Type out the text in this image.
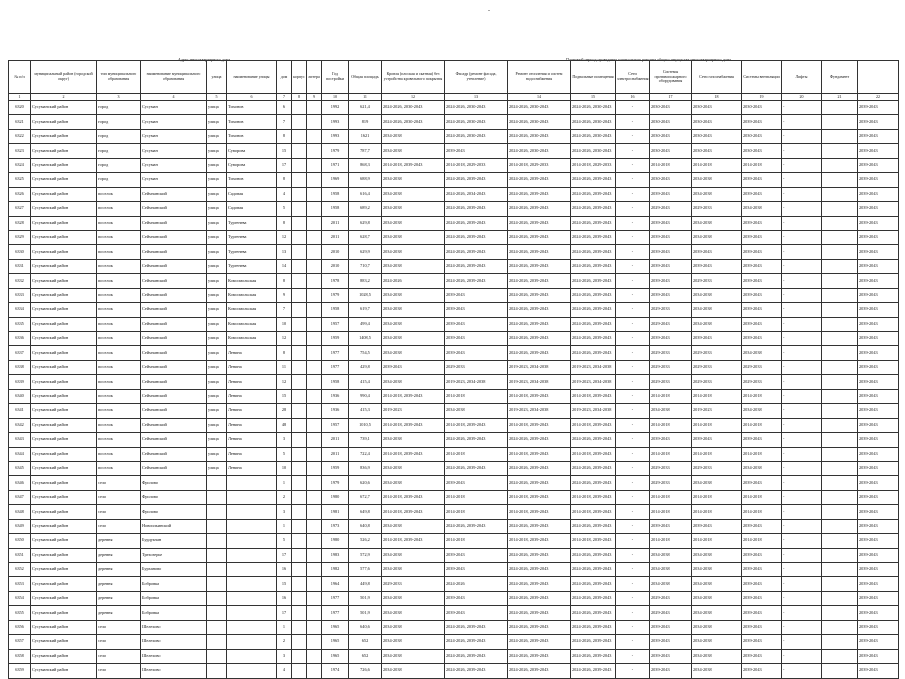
-
Адрес многоквартирного дома	Плановый период проведения капитального ремонта общего имущества многоквартирного дома
№ п/п	муниципальный район (городской округ)	тип муниципального образования	наименование муниципального образования	улица	наименование улицы	дом	корпус	литера	Год постройки	Общая площадь	Кровля (плоская и скатная) без устройства кровельного покрытия	Фасадр (ремонт фасада, утепление)	Ремонт отопления и систем водоснабжения	Подвальные помещения	Сети электроснабжения	Системы противопожарного оборудования	Сети газоснабжения	Системы вентиляции	Лифты	Фундамент	
1	2	3	4	5	6	7	8	9	10	11	12	13	14	15	16	17	18	19	20	21	22
6320	Сусуманский район	город	Сусуман	улица	Тихонов	6			1992	621,4	2024-2026, 2030-2043	2024-2026, 2030-2043	2024-2026, 2030-2043	2024-2026, 2030-2043	-	2030-2043	2030-2043	2030-2043	-		2039-2043
6321	Сусуманский район	город	Сусуман	улица	Тихонов	7			1993	819	2024-2026, 2030-2043	2024-2026, 2030-2043	2024-2026, 2030-2043	2024-2026, 2030-2043	-	2030-2043	2030-2043	2039-2043	-		2039-2043
6322	Сусуманский район	город	Сусуман	улица	Тихонов	8			1993	1621	2034-2038	2024-2026, 2030-2043	2024-2026, 2030-2043	2024-2026, 2030-2043	-	2030-2043	2030-2043	2030-2043	-		2039-2043
6323	Сусуманский район	город	Сусуман	улица	Суворова	15			1979	787,7	2034-2038	2039-2043	2024-2026, 2030-2043	2024-2026, 2030-2043	-	2030-2043	2030-2043	2030-2043	-		2039-2043
6324	Сусуманский район	город	Сусуман	улица	Суворова	17			1971	868,3	2014-2018, 2039-2043	2014-2018, 2029-2033	2014-2018, 2029-2033	2014-2018, 2029-2033	-	2014-2018	2014-2018	2014-2018	-		2039-2043
6325	Сусуманский район	город	Сусуман	улица	Тихонов	8			1969	688,9	2034-2038	2024-2026, 2039-2043	2024-2026, 2039-2043	2024-2026, 2039-2043	-	2030-2043	2034-2038	2039-2043	-		2039-2043
6326	Сусуманский район	поселок	Сеймчанский	улица	Садовая	4			1958	616,4	2034-2038	2024-2026, 2034-2043	2024-2026, 2039-2043	2024-2026, 2039-2043	-	2039-2043	2034-2038	2039-2043	-		2039-2043
6327	Сусуманский район	поселок	Сеймчанский	улица	Садовая	5			1958	689,2	2034-2038	2024-2026, 2039-2043	2024-2026, 2039-2043	2024-2026, 2039-2043	-	2029-2043	2029-2033	2034-2038	-		2039-2043
6328	Сусуманский район	поселок	Сеймчанский	улица	Тургенева	8			2011	629,8	2034-2038	2024-2026, 2039-2043	2024-2026, 2039-2043	2024-2026, 2039-2043	-	2039-2043	2034-2038	2039-2043	-		2039-2043
6329	Сусуманский район	поселок	Сеймчанский	улица	Тургенева	12			2011	628,7	2034-2038	2024-2026, 2039-2043	2024-2026, 2039-2043	2024-2026, 2039-2043	-	2039-2043	2034-2038	2039-2043	-		2039-2043
6330	Сусуманский район	поселок	Сеймчанский	улица	Тургенева	13			2010	629,9	2034-2038	2024-2026, 2039-2043	2024-2026, 2039-2043	2024-2026, 2039-2043	-	2039-2043	2039-2043	2039-2043	-		2039-2043
6331	Сусуманский район	поселок	Сеймчанский	улица	Тургенева	14			2010	710,7	2034-2038	2024-2026, 2039-2043	2024-2026, 2039-2043	2024-2026, 2039-2043	-	2039-2043	2039-2043	2039-2043	-		2039-2043
6332	Сусуманский район	поселок	Сеймчанский	улица	Комсомольская	8			1978	883,2	2024-2026	2024-2026, 2039-2043	2024-2026, 2039-2043	2024-2026, 2039-2043	-	2039-2043	2029-2033	2039-2043	-		2039-2043
6333	Сусуманский район	поселок	Сеймчанский	улица	Комсомольская	9			1979	1028,5	2034-2038	2039-2043	2024-2026, 2039-2043	2024-2026, 2039-2043	-	2039-2043	2034-2038	2039-2043	-		2039-2043
6334	Сусуманский район	поселок	Сеймчанский	улица	Комсомольская	7			1958	619,7	2034-2038	2039-2043	2024-2026, 2039-2043	2024-2026, 2039-2043	-	2029-2033	2034-2038	2039-2043	-		2039-2043
6335	Сусуманский район	поселок	Сеймчанский	улица	Комсомольская	10			1957	499,4	2034-2038	2039-2043	2024-2026, 2039-2043	2024-2026, 2039-2043	-	2029-2043	2034-2038	2039-2043	-		2039-2043
6336	Сусуманский район	поселок	Сеймчанский	улица	Комсомольская	12			1959	1408,5	2034-2038	2039-2043	2024-2026, 2039-2043	2024-2026, 2039-2043	-	2039-2043	2039-2043	2039-2043	-		2039-2043
6337	Сусуманский район	поселок	Сеймчанский	улица	Ленина	8			1977	754,5	2034-2038	2039-2043	2024-2026, 2039-2043	2024-2026, 2039-2043	-	2029-2033	2029-2033	2034-2038	-		2039-2043
6338	Сусуманский район	поселок	Сеймчанский	улица	Ленина	11			1977	429,8	2039-2043	2029-2033	2019-2023, 2034-2038	2019-2023, 2034-2038	-	2029-2033	2029-2033	2029-2033	-		2039-2043
6339	Сусуманский район	поселок	Сеймчанский	улица	Ленина	12			1958	415,4	2034-2038	2019-2023, 2034-2038	2019-2023, 2034-2038	2019-2023, 2034-2038	-	2029-2033	2029-2033	2029-2033	-		2039-2043
6340	Сусуманский район	поселок	Сеймчанский	улица	Ленина	15			1936	990,4	2014-2018, 2039-2043	2014-2018	2014-2018, 2039-2043	2014-2018, 2039-2043	-	2014-2018	2014-2018	2014-2018	-		2039-2043
6341	Сусуманский район	поселок	Сеймчанский	улица	Ленина	28			1936	415,3	2019-2023	2034-2038	2019-2023, 2034-2038	2019-2023, 2034-2038	-	2034-2038	2019-2023	2034-2038	-		2039-2043
6342	Сусуманский район	поселок	Сеймчанский	улица	Ленина	48			1957	1010,5	2014-2018, 2039-2043	2014-2018, 2039-2043	2014-2018, 2039-2043	2014-2018, 2039-2043	-	2014-2018	2014-2018	2014-2018	-		2039-2043
6343	Сусуманский район	поселок	Сеймчанский	улица	Ленина	3			2011	739,1	2034-2038	2024-2026, 2039-2043	2024-2026, 2039-2043	2024-2026, 2039-2043	-	2039-2043	2039-2043	2039-2043	-		2039-2043
6344	Сусуманский район	поселок	Сеймчанский	улица	Ленина	5			2011	722,4	2014-2018, 2039-2043	2014-2018	2014-2018, 2039-2043	2014-2018, 2039-2043	-	2014-2018	2014-2018	2014-2018	-		2039-2043
6345	Сусуманский район	поселок	Сеймчанский	улица	Ленина	10			1959	836,9	2034-2038	2024-2026, 2039-2043	2024-2026, 2039-2043	2024-2026, 2039-2043	-	2029-2033	2029-2033	2034-2038	-		2039-2043
6346	Сусуманский район	село	Фролово			1			1979	620,6	2034-2038	2039-2043	2024-2026, 2039-2043	2024-2026, 2039-2043	-	2029-2033	2034-2038	2039-2043	-		2039-2043
6347	Сусуманский район	село	Фролово			2			1980	672,7	2014-2018, 2039-2043	2014-2018	2014-2018, 2039-2043	2014-2018, 2039-2043	-	2014-2018	2014-2018	2014-2018	-		2039-2043
6348	Сусуманский район	село	Фролово			3			1981	649,8	2014-2018, 2039-2043	2014-2018	2014-2018, 2039-2043	2014-2018, 2039-2043	-	2014-2018	2014-2018	2014-2018	-		2039-2043
6349	Сусуманский район	село	Новоильинский			1			1973	640,8	2034-2038	2024-2026, 2039-2043	2024-2026, 2039-2043	2024-2026, 2039-2043	-	2039-2043	2039-2043	2039-2043	-		2039-2043
6350	Сусуманский район	деревня	Бурдукчан			5			1980	526,2	2014-2018, 2039-2043	2014-2018	2014-2018, 2039-2043	2014-2018, 2039-2043	-	2014-2018	2014-2018	2014-2018	-		2039-2043
6351	Сусуманский район	деревня	Трехозерье			17			1983	572,9	2034-2038	2039-2043	2024-2026, 2039-2043	2024-2026, 2039-2043	-	2034-2038	2034-2038	2039-2043	-		2039-2043
6352	Сусуманский район	деревня	Бурханово			16			1982	577,6	2034-2038	2039-2043	2024-2026, 2039-2043	2024-2026, 2039-2043	-	2034-2038	2034-2038	2039-2043	-		2039-2043
6353	Сусуманский район	деревня	Бобровка			15			1964	449,8	2029-2033	2024-2026	2024-2026, 2039-2043	2024-2026, 2039-2043	-	2034-2038	2034-2038	2039-2043	-		2039-2043
6354	Сусуманский район	деревня	Бобровка			16			1977	501,9	2034-2038	2039-2043	2024-2026, 2039-2043	2024-2026, 2039-2043	-	2029-2043	2034-2038	2039-2043	-		2039-2043
6355	Сусуманский район	деревня	Бобровка			17			1977	501,9	2034-2038	2039-2043	2024-2026, 2039-2043	2024-2026, 2039-2043	-	2029-2043	2034-2038	2039-2043	-		2039-2043
6356	Сусуманский район	село	Шелехово			1			1965	640,6	2034-2038	2024-2026, 2039-2043	2024-2026, 2039-2043	2024-2026, 2039-2043	-	2039-2043	2034-2038	2039-2043	-		2039-2043
6357	Сусуманский район	село	Шелехово			2			1965	652	2034-2038	2024-2026, 2039-2043	2024-2026, 2039-2043	2024-2026, 2039-2043	-	2039-2043	2034-2038	2039-2043	-		2039-2043
6358	Сусуманский район	село	Шелехово			3			1965	652	2034-2038	2024-2026, 2039-2043	2024-2026, 2039-2043	2024-2026, 2039-2043	-	2039-2043	2034-2038	2039-2043	-		2039-2043
6359	Сусуманский район	село	Шелехово			4			1974	726,6	2034-2038	2024-2026, 2039-2043	2024-2026, 2039-2043	2024-2026, 2039-2043	-	2039-2043	2034-2038	2039-2043	-		2039-2043
